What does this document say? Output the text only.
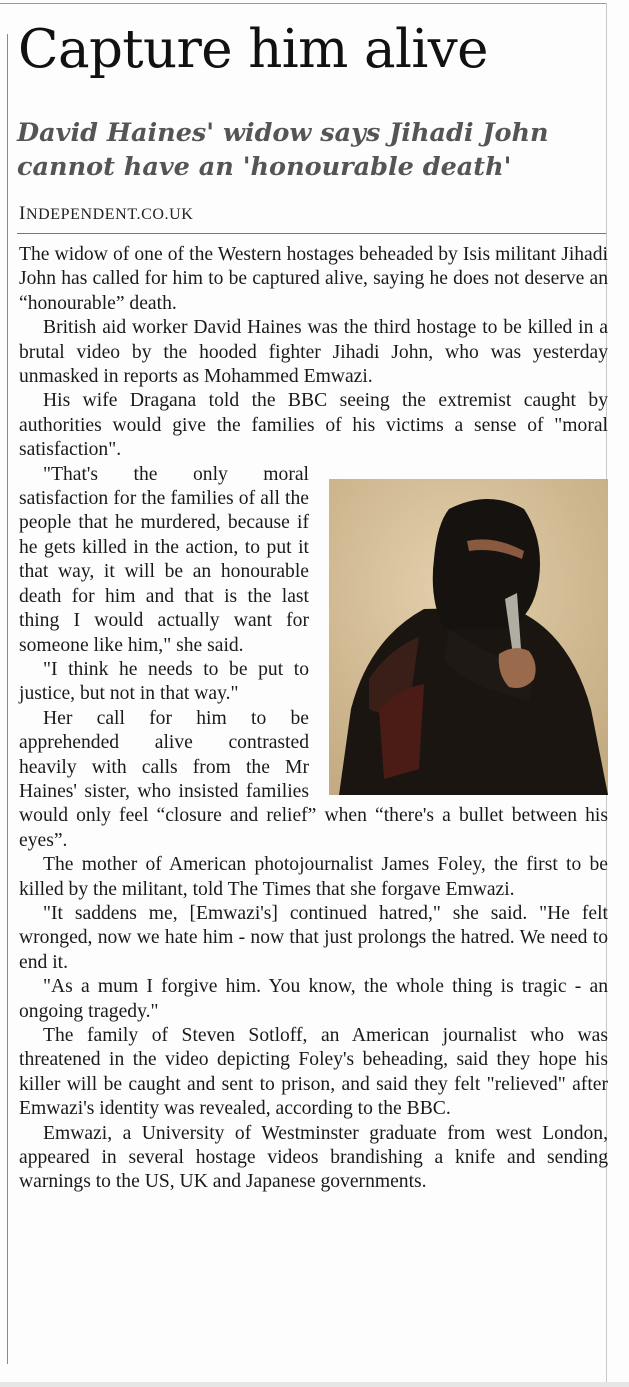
Capture him alive
David Haines' widow says Jihadi John cannot have an 'honourable death'
INDEPENDENT.CO.UK

The widow of one of the Western hostages beheaded by Isis militant Jihadi John has called for him to be captured alive, saying he does not deserve an “honourable” death.

British aid worker David Haines was the third hostage to be killed in a brutal video by the hooded fighter Jihadi John, who was yesterday unmasked in reports as Mohammed Emwazi.

His wife Dragana told the BBC seeing the extremist caught by authorities would give the families of his victims a sense of "moral satisfaction".

"That's the only moral satisfaction for the families of all the people that he murdered, because if he gets killed in the action, to put it that way, it will be an honourable death for him and that is the last thing I would actually want for someone like him," she said.

"I think he needs to be put to justice, but not in that way."

Her call for him to be apprehended alive contrasted heavily with calls from the Mr Haines' sister, who insisted families would only feel “closure and relief” when “there's a bullet between his eyes”.

The mother of American photojournalist James Foley, the first to be killed by the militant, told The Times that she forgave Emwazi.

"It saddens me, [Emwazi's] continued hatred," she said. "He felt wronged, now we hate him - now that just prolongs the hatred. We need to end it.

"As a mum I forgive him. You know, the whole thing is tragic - an ongoing tragedy."

The family of Steven Sotloff, an American journalist who was threatened in the video depicting Foley's beheading, said they hope his killer will be caught and sent to prison, and said they felt "relieved" after Emwazi's identity was revealed, according to the BBC.

Emwazi, a University of Westminster graduate from west London, appeared in several hostage videos brandishing a knife and sending warnings to the US, UK and Japanese governments.
